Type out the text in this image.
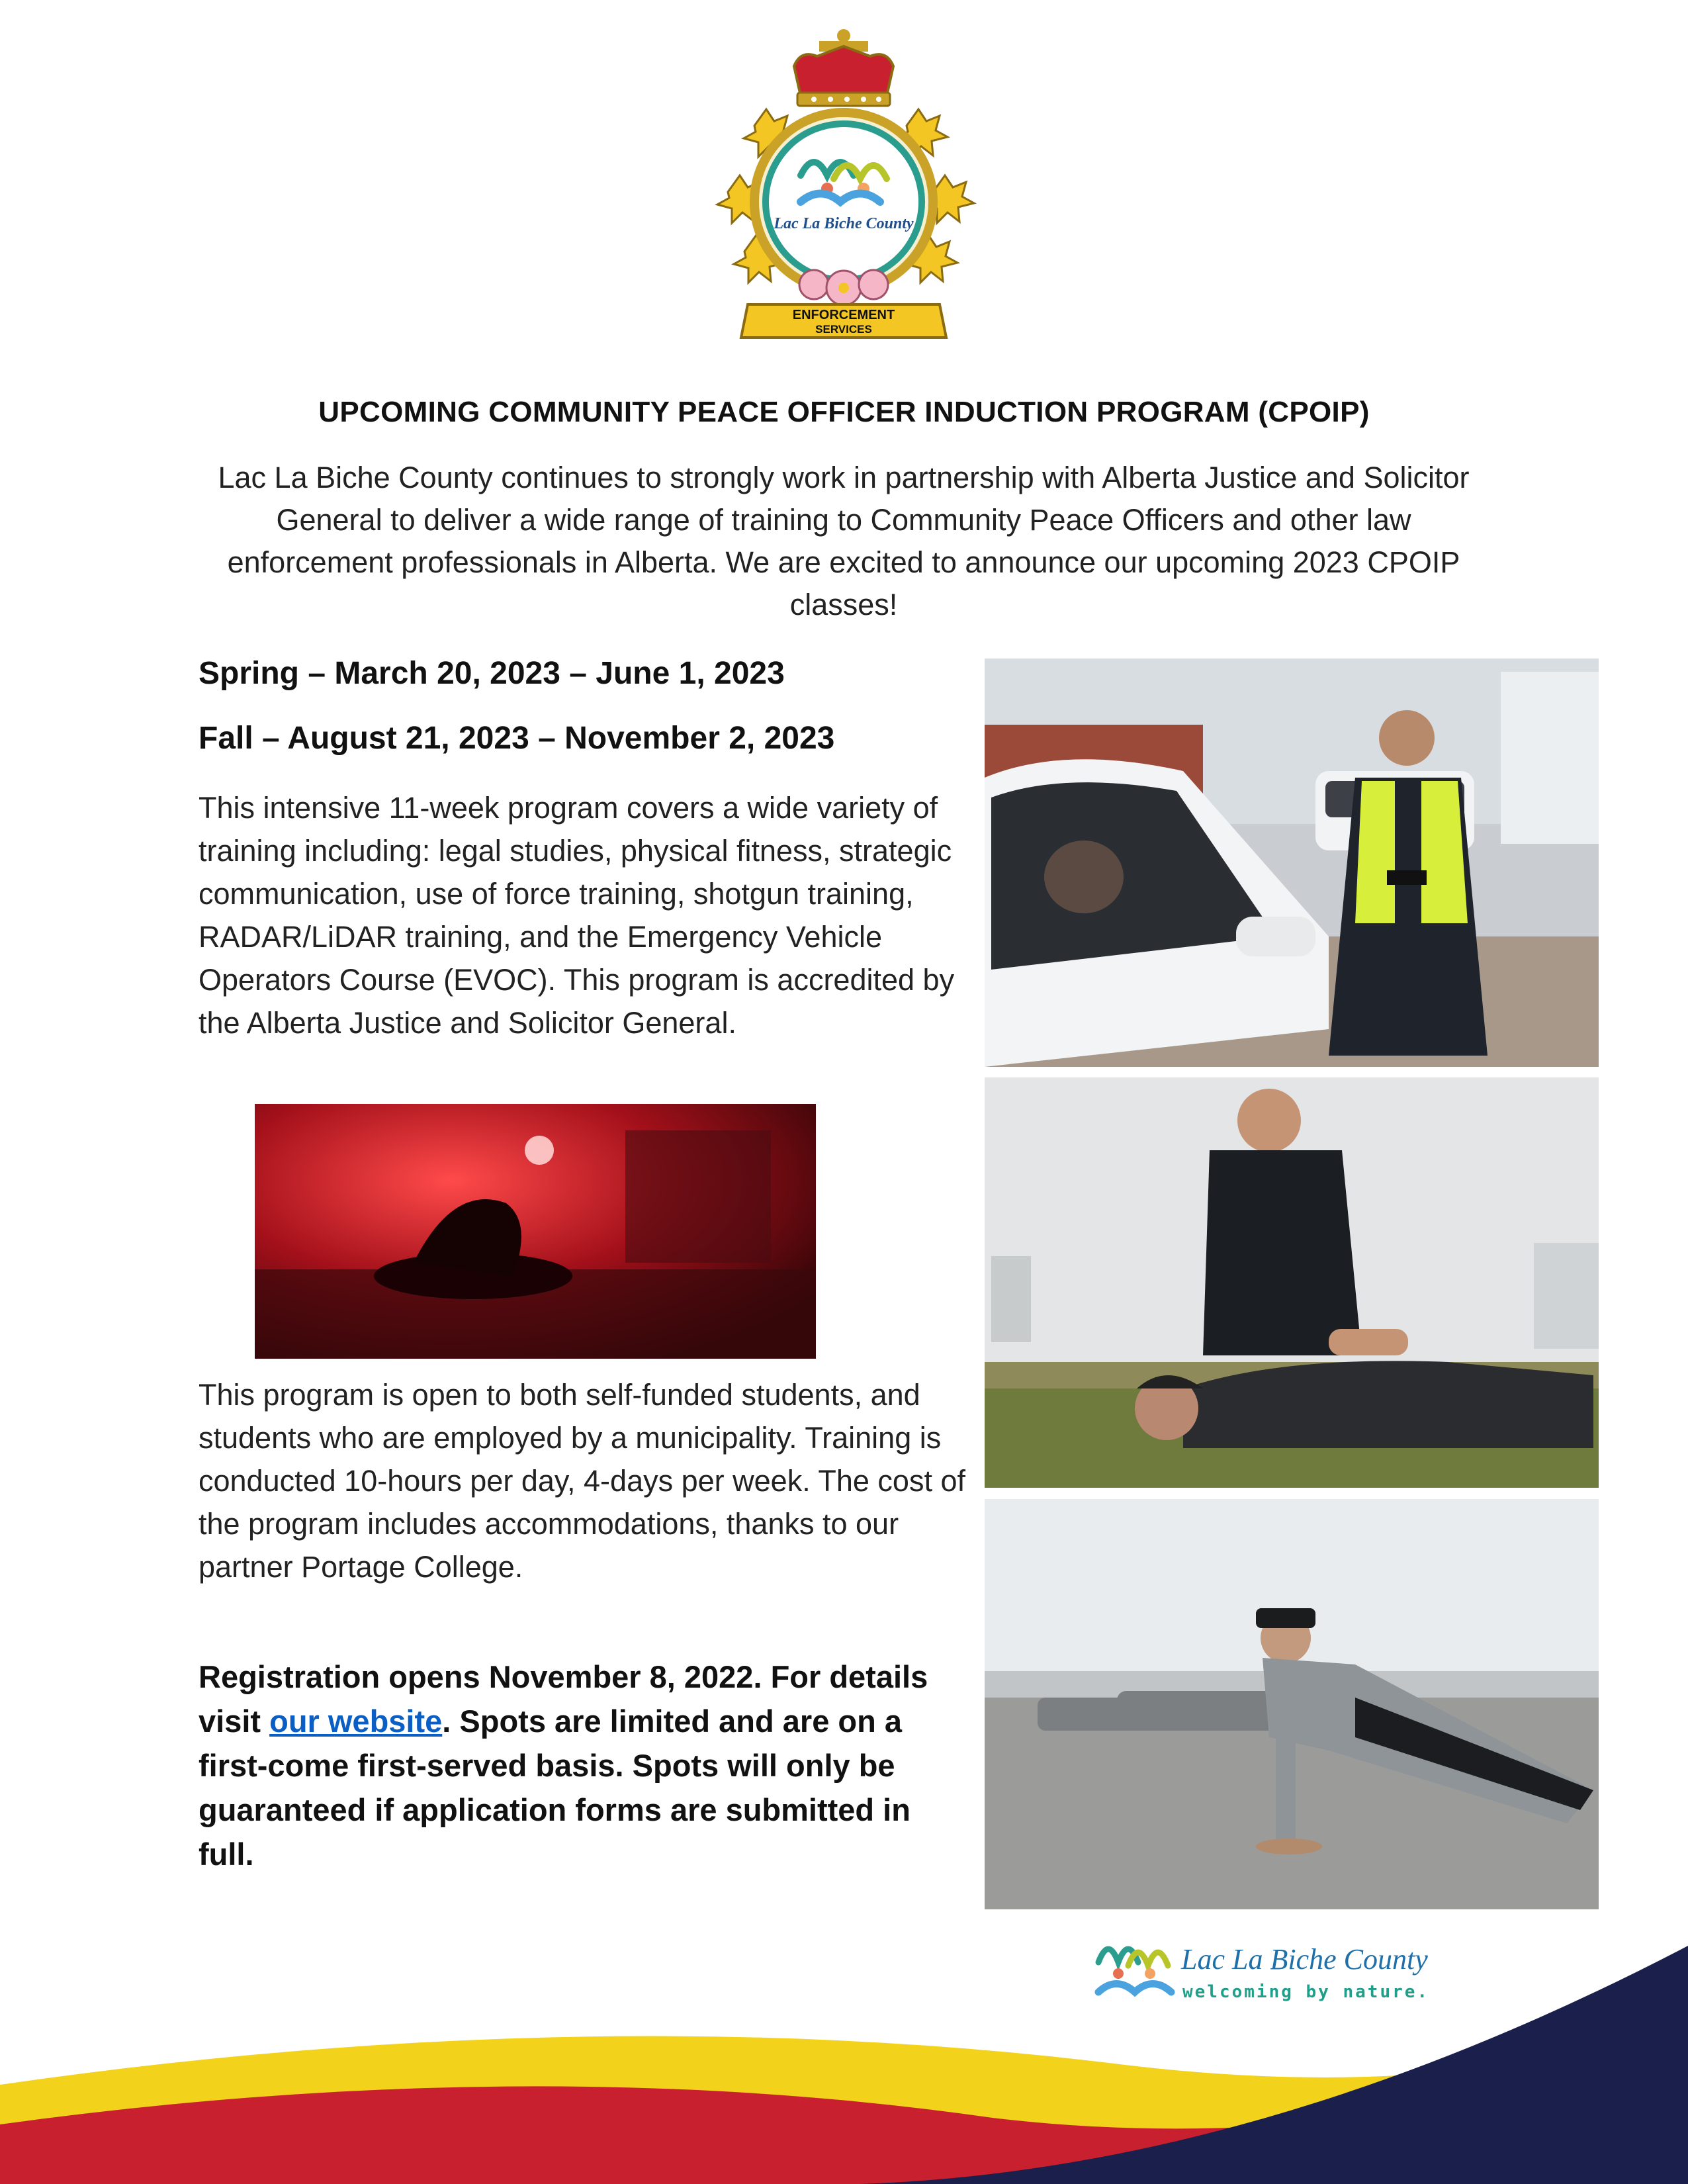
Lac La Biche County
ENFORCEMENT
SERVICES
UPCOMING COMMUNITY PEACE OFFICER INDUCTION PROGRAM (CPOIP)
Lac La Biche County continues to strongly work in partnership with Alberta Justice and Solicitor General to deliver a wide range of training to Community Peace Officers and other law enforcement professionals in Alberta. We are excited to announce our upcoming 2023 CPOIP classes!
Spring – March 20, 2023 – June 1, 2023
Fall – August 21, 2023 – November 2, 2023
This intensive 11-week program covers a wide variety of training including: legal studies, physical fitness, strategic communication, use of force training, shotgun training, RADAR/LiDAR training, and the Emergency Vehicle Operators Course (EVOC). This program is accredited by the Alberta Justice and Solicitor General.
This program is open to both self-funded students, and students who are employed by a municipality. Training is conducted 10-hours per day, 4-days per week. The cost of the program includes accommodations, thanks to our partner Portage College.
Registration opens November 8, 2022. For details visit our website. Spots are limited and are on a first-come first-served basis. Spots will only be guaranteed if application forms are submitted in full.
Lac La Biche County
welcoming by nature.
